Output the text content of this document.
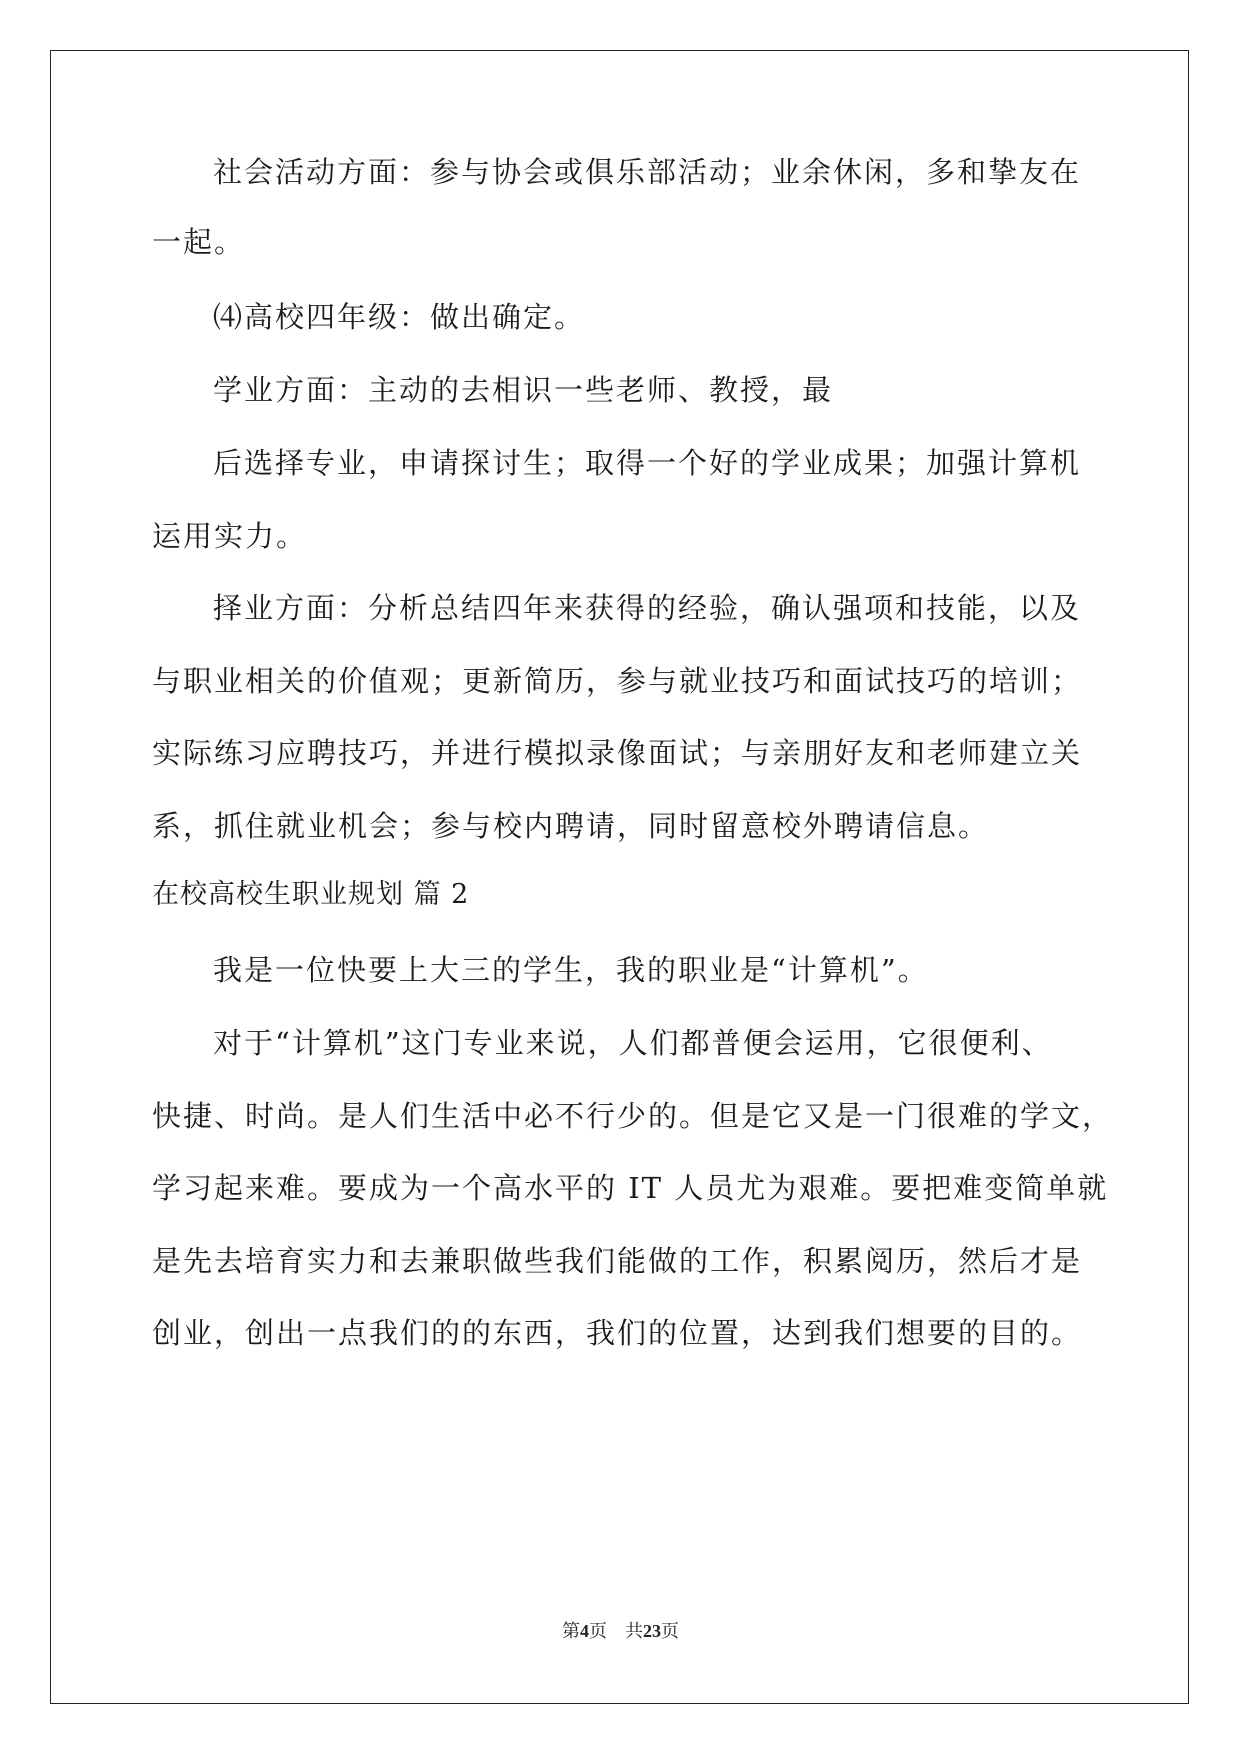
社会活动方面：参与协会或俱乐部活动；业余休闲，多和挚友在
一起。
⑷高校四年级：做出确定。
学业方面：主动的去相识一些老师、教授，最
后选择专业，申请探讨生；取得一个好的学业成果；加强计算机
运用实力。
择业方面：分析总结四年来获得的经验，确认强项和技能，以及
与职业相关的价值观；更新简历，参与就业技巧和面试技巧的培训；
实际练习应聘技巧，并进行模拟录像面试；与亲朋好友和老师建立关
系，抓住就业机会；参与校内聘请，同时留意校外聘请信息。
在校高校生职业规划 篇 2
我是一位快要上大三的学生，我的职业是“计算机”。
对于“计算机”这门专业来说，人们都普便会运用，它很便利、
快捷、时尚。是人们生活中必不行少的。但是它又是一门很难的学文，
学习起来难。要成为一个高水平的 IT 人员尤为艰难。要把难变简单就
是先去培育实力和去兼职做些我们能做的工作，积累阅历，然后才是
创业，创出一点我们的的东西，我们的位置，达到我们想要的目的。
第4页　共23页
